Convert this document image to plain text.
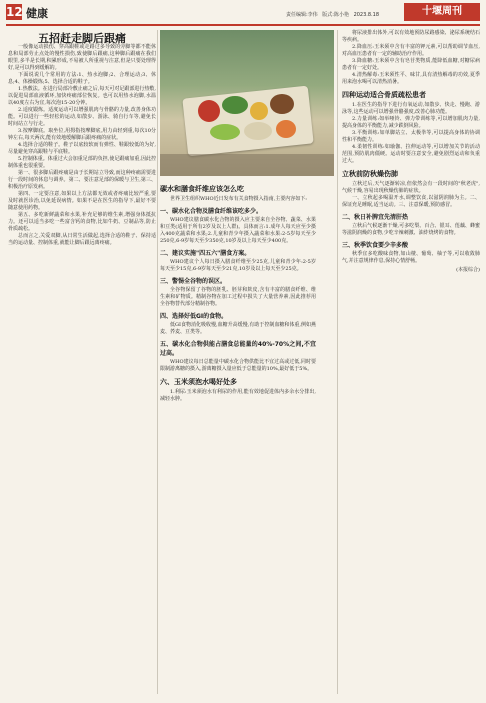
12 健康	责任编辑:李伟 版式:陈小艳 2023.8.18	十堰周刊
五招赶走脚后跟痛

一般像运动损伤、穿高跟鞋或走路过多导致的旁脚等都不能休息和局部劳止点处的慢性损伤,致使脚后跟痛,这种脚后跟痛在我们眼里,多半是长期,积累形成,不易被人所重视与注意,但是只要处理得好,是可以得到缓解的。

下面说说几个常用的方法:1、热水泡脚;2、合理运动;3、休息;4、体操锻炼;5、选择合适的鞋子。

1.热敷法。在进行局部冷敷止痛之后,每天可对足跟部进行热敷,以促进局部血液循环,加快疼痛部位恢复。也可以用热水泡脚,水温以40度左右为宜,每次泡15-20分钟。

2.适度锻炼。适度运动可以增强肌肉与骨骼的力量,改善身体功能。可以进行一些轻松的运动,如散步、游泳、骑自行车等,避免长时间站立与行走。

3.按摩脚底。取坐位,用拇指按摩脚底,用力由轻到重,每次10分钟左右,每天两次,能有效地缓解脚后跟疼痛的症状。

4.选择合适的鞋子。鞋子以底较软而有弹性、鞋跟较低的为好,尽量避免穿高跟鞋与平底鞋。

5.控制体重。体重过大会加重足部的负担,使足跟痛加重,因此控制体重也很重要。

第一、很多脚后跟疼痛是由于长期站立导致,而这种疼痛需要进行一段时间的休息与调养。第二、要注意足部的保暖与卫生,第三、积极治疗原发病。

第四、一定要注意,如果以上方法都无效或者疼痛比较严重,要及时就医诊治,以免延误病情。如果不是在医生的指导下,最好不要随意使用药物。

第五、多吃新鲜蔬菜和水果,补充足够的维生素,增强身体抵抗力。还可以适当多吃一些富含钙的食物,比如牛奶、豆制品等,防止骨质疏松。

总而言之,关爱双脚,从日常生活做起,选择合适的鞋子、保持适当的运动量、控制体重,就能让脚后跟远离疼痛。

碳水和膳食纤维应该怎么吃

世界卫生组织WHO近日发布有关食物摄入指南,主要内容如下:

一、碳水化合物及膳食纤维该吃多少。

WHO建议膳食碳水化合物的摄入应主要来自全谷物、蔬菜、水果和豆类(适用于所有2岁及以上人群)。具体而言:1.成年人每天应至少摄入400克蔬菜和水果;2.儿童和青少年摄入蔬菜和水果:2-5岁每天至少250克,6-9岁每天至少350克,10岁及以上每天至少400克。

二、建议实施"四五六"膳食方案。

WHO建议个人每日摄入膳食纤维至少25克,儿童和青少年:2-5岁每天至少15克,6-9岁每天至少21克,10岁及以上每天至少25克。

三、警惕全谷物的误区。

全谷物保留了谷物的胚乳、胚芽和麸皮,含有丰富的膳食纤维、维生素和矿物质。精制谷物在加工过程中损失了大量营养素,因此推荐用全谷物替代部分精制谷物。

四、选择好低GI的食物。

低GI食物消化吸收慢,血糖升高缓慢,有助于控制血糖和体重,例如燕麦、荞麦、豆类等。

五、碳水化合物供能占膳食总能量的40%-70%之间,不宜过高。

WHO建议每日总能量中碳水化合物供能比不宜过高或过低,同时要限制游离糖的摄入,游离糖摄入量应低于总能量的10%,最好低于5%。

六、玉米须泡水喝好处多

1.利尿:玉米须泡水有利尿的作用,能有效地促进体内多余水分排出,减轻水肿。

将尿液排出体外,可以有效地预防尿路感染、泌尿系统结石等疾病。

2.降血压:玉米须中含有丰富的钾元素,可以帮助调节血压,对高血压患者有一定的辅助治疗作用。

3.降血糖:玉米须中含有皂苷类物质,能降低血糖,对糖尿病患者有一定好处。

4.清热解毒:玉米须性平、味甘,具有清热解毒的功效,夏季用来泡水喝可以清热消暑。

四种运动适合骨质疏松患者

1.在医生的指导下进行有氧运动,如散步、快走、慢跑、游泳等,这些运动可以增强骨骼强度,改善心肺功能。

2.力量训练:如举哑铃、弹力带训练等,可以增加肌肉力量,提高身体的平衡能力,减少跌倒风险。

3.平衡训练:如单脚站立、太极拳等,可以提高身体的协调性和平衡能力。

4.柔韧性训练:如瑜伽、拉伸运动等,可以增加关节的活动范围,预防肌肉僵硬。运动时要注意安全,避免剧烈运动和负重过大。

立秋前防秋燥伤肺

立秋过后,天气逐渐转凉,但依然会有一段时间的"秋老虎",气候干燥,容易出现秋燥伤肺的症状。

一、立秋起多喝温开水,调整饮食,以滋阴润肺为主。二、保证充足睡眠,适当运动。三、注意保暖,预防感冒。

二、秋日补脾宜先清肝热

立秋后气候逐渐干燥,可多吃梨、百合、银耳、莲藕、蜂蜜等滋阴润燥的食物,少吃辛辣刺激、油炸烧烤的食物。

三、秋季饮食要少辛多酸

秋季宜多吃酸味食物,如山楂、葡萄、柚子等,可以收敛肺气,并注意规律作息,保持心情舒畅。

(本报综合)
